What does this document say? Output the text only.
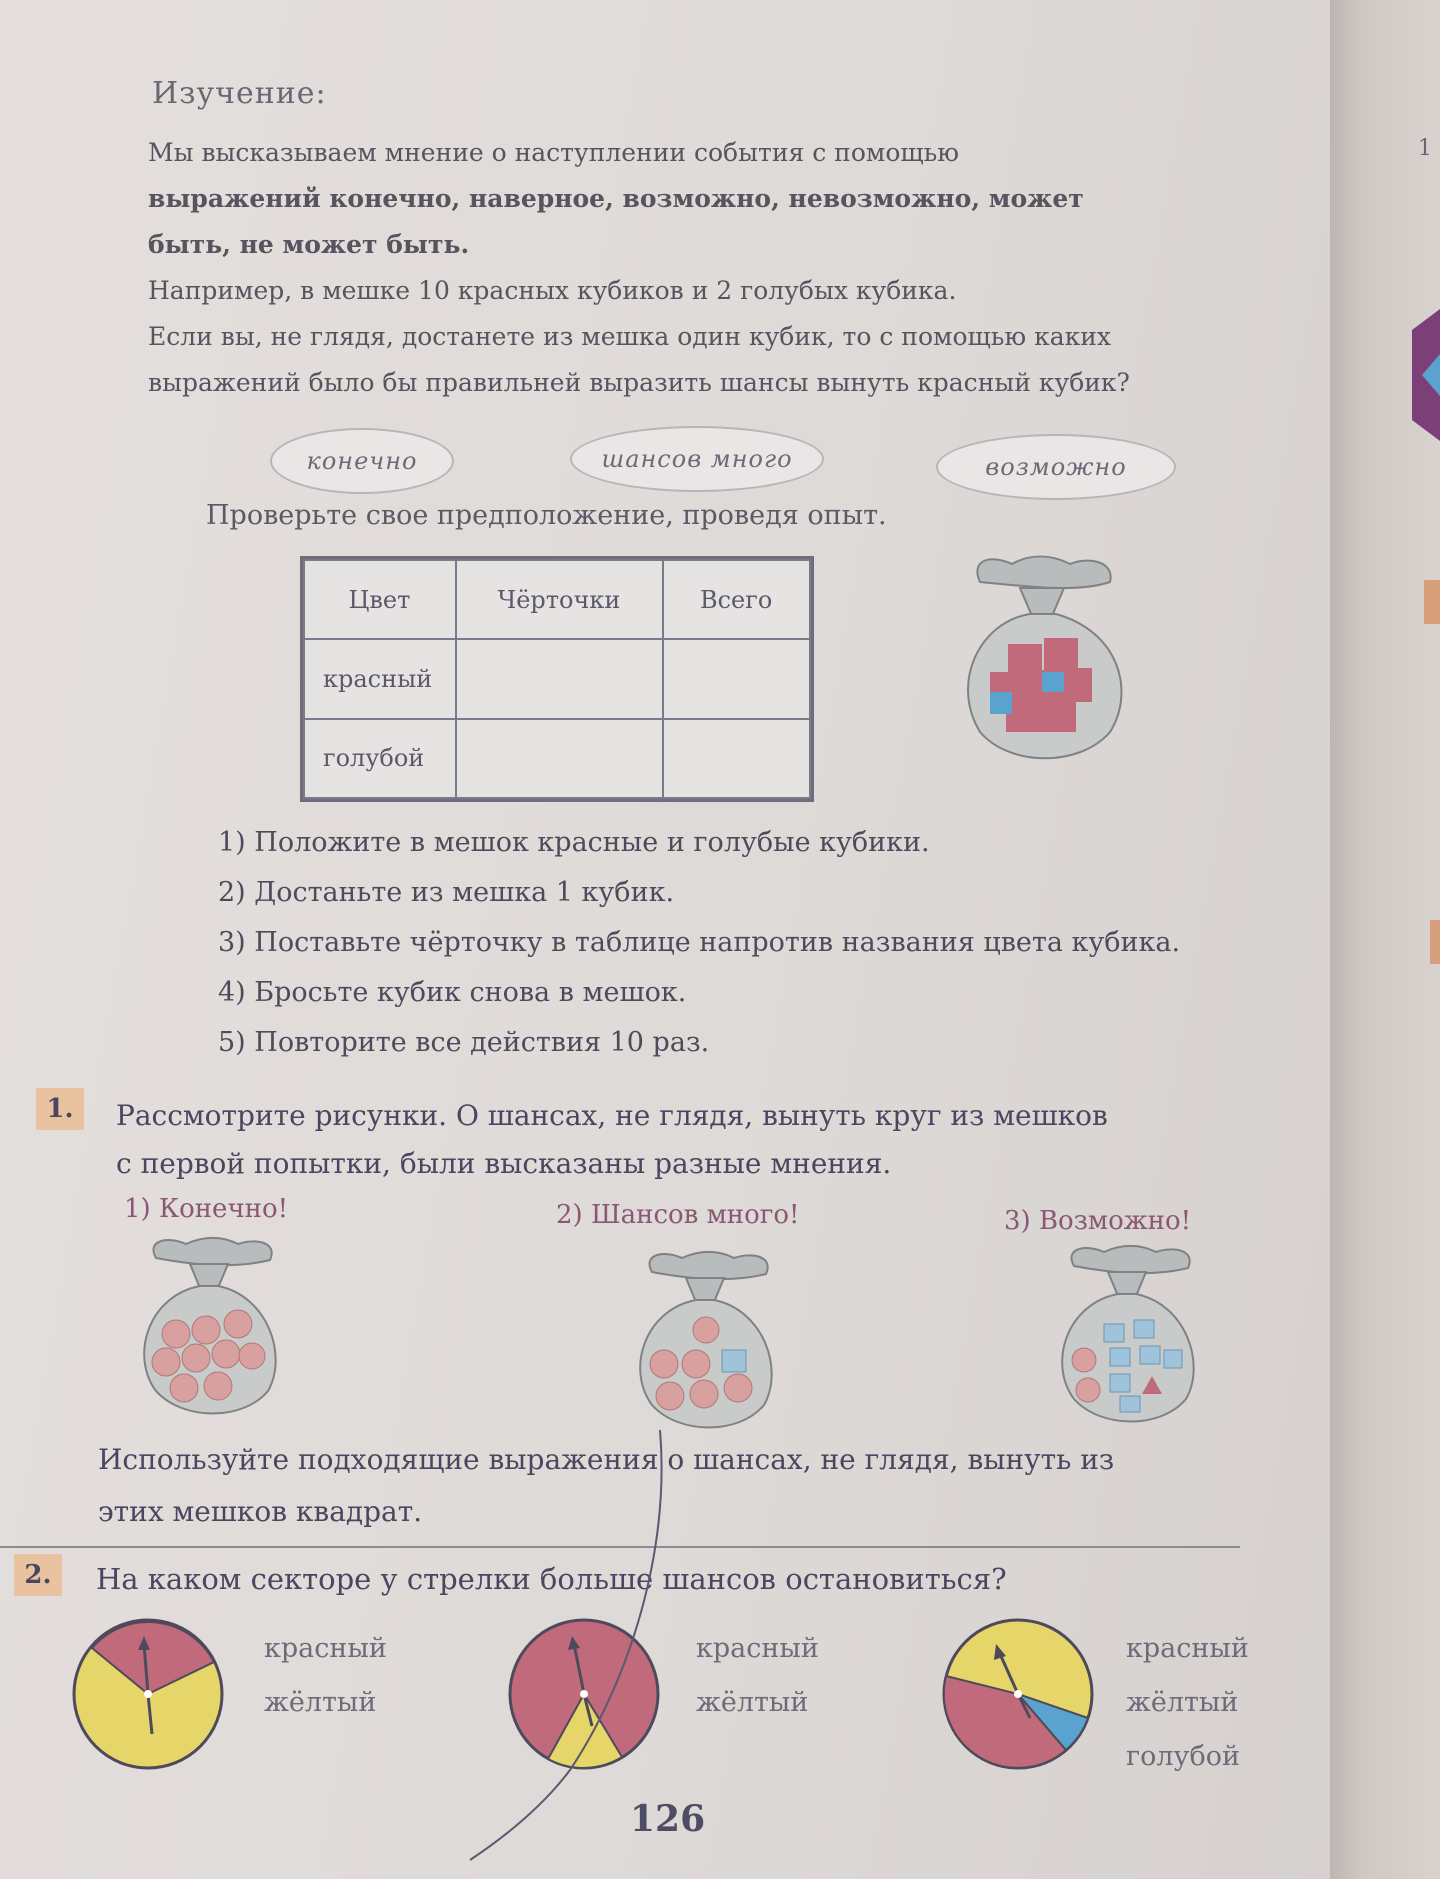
1
Изучение:

Мы высказываем мнение о наступлении события с помощью

выражений конечно, наверное, возможно, невозможно, может

быть, не может быть.

Например, в мешке 10 красных кубиков и 2 голубых кубика.

Если вы, не глядя, достанете из мешка один кубик, то с помощью каких

выражений было бы правильней выразить шансы вынуть красный кубик?

конечно	шансов много	возможно
Проверьте свое предположение, проведя опыт.
Цвет	Чёрточки	Всего
красный		
голубой		
1) Положите в мешок красные и голубые кубики.
2) Достаньте из мешка 1 кубик.
3) Поставьте чёрточку в таблице напротив названия цвета кубика.
4) Бросьте кубик снова в мешок.
5) Повторите все действия 10 раз.
1.	Рассмотрите рисунки. О шансах, не глядя, вынуть круг из мешков
с первой попытки, были высказаны разные мнения.
1) Конечно!	2) Шансов много!	3) Возможно!
Используйте подходящие выражения о шансах, не глядя, вынуть из
этих мешков квадрат.
2.	На каком секторе у стрелки больше шансов остановиться?
красный
жёлтый
красный
жёлтый
красный
жёлтый
голубой
126
